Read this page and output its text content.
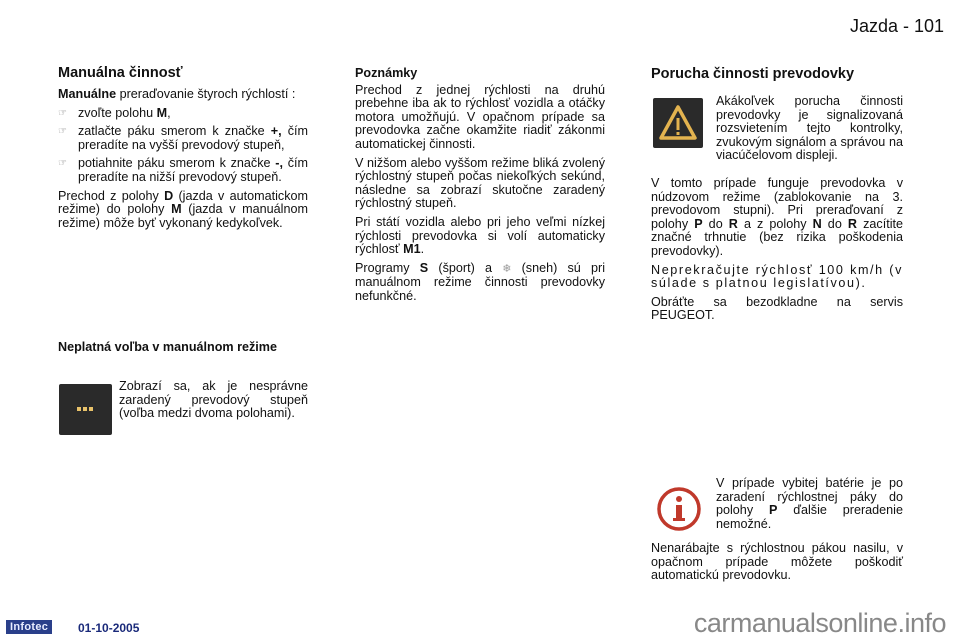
Jazda - 101
Manuálna činnosť

Manuálne preraďovanie štyroch rýchlostí :

☞ zvoľte polohu M,
☞ zatlačte páku smerom k značke +, čím preradíte na vyšší prevodový stupeň,
☞ potiahnite páku smerom k značke -, čím preradíte na nižší prevodový stupeň.

Prechod z polohy D (jazda v automatickom režime) do polohy M (jazda v manuálnom režime) môže byť vykonaný kedykoľvek.

Neplatná voľba v manuálnom režime

Zobrazí sa, ak je nesprávne zaradený prevodový stupeň (voľba medzi dvoma polohami).

Poznámky

Prechod z jednej rýchlosti na druhú prebehne iba ak to rýchlosť vozidla a otáčky motora umožňujú. V opačnom prípade sa prevodovka začne okamžite riadiť zákonmi automatickej činnosti.

V nižšom alebo vyššom režime bliká zvolený rýchlostný stupeň počas niekoľkých sekúnd, následne sa zobrazí skutočne zaradený rýchlostný stupeň.

Pri státí vozidla alebo pri jeho veľmi nízkej rýchlosti prevodovka si volí automaticky rýchlosť M1.

Programy S (šport) a ❄ (sneh) sú pri manuálnom režime činnosti prevodovky nefunkčné.

Porucha činnosti prevodovky

Akákoľvek porucha činnosti prevodovky je signalizovaná rozsvietením tejto kontrolky, zvukovým signálom a správou na viacúčelovom displeji.

V tomto prípade funguje prevodovka v núdzovom režime (zablokovanie na 3. prevodovom stupni). Pri preraďovaní z polohy P do R a z polohy N do R zacítite značné trhnutie (bez rizika poškodenia prevodovky).

Neprekračujte rýchlosť 100 km/h (v súlade s platnou legislatívou).

Obráťte sa bezodkladne na servis PEUGEOT.

V prípade vybitej batérie je po zaradení rýchlostnej páky do polohy P ďalšie preradenie nemožné.

Nenarábajte s rýchlostnou pákou nasilu, v opačnom prípade môžete poškodiť automatickú prevodovku.

Infotec	01-10-2005	carmanualsonline.info
